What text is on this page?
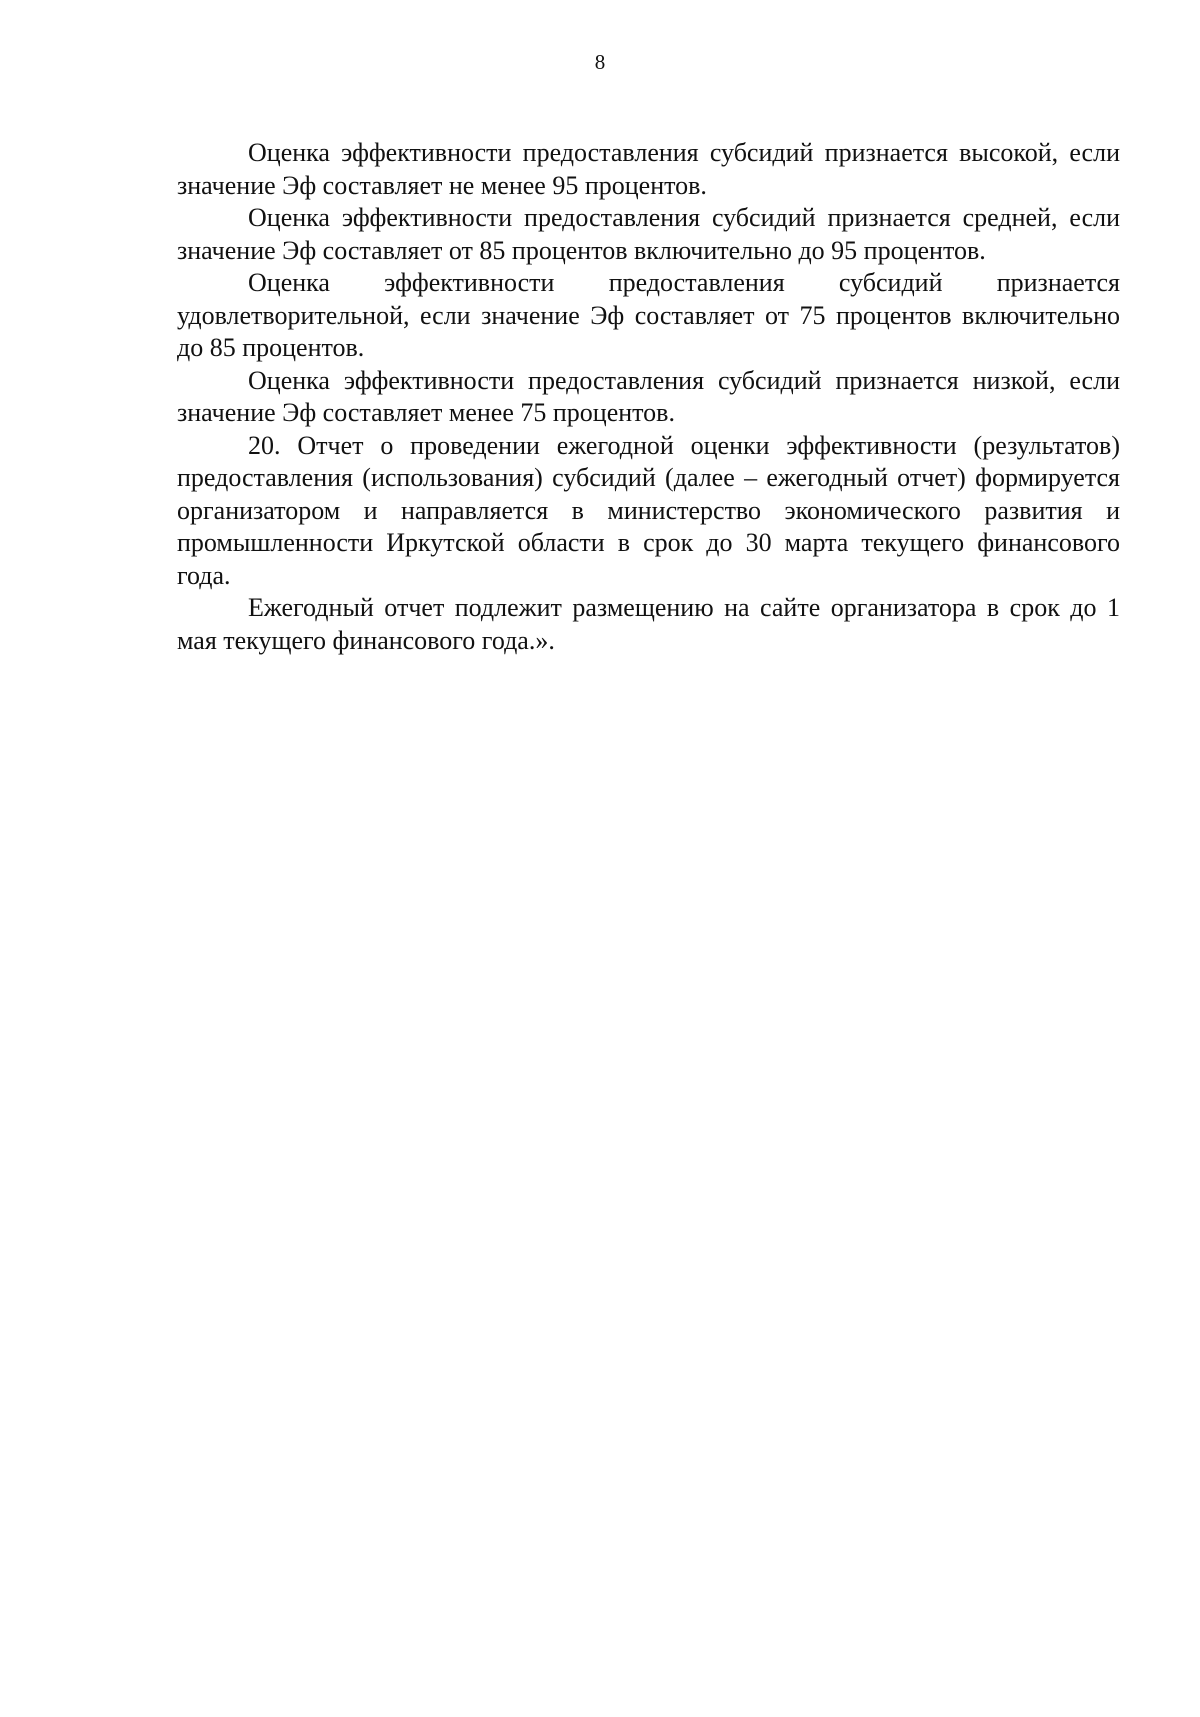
8

Оценка эффективности предоставления субсидий признается высокой, если значение Эф составляет не менее 95 процентов.

Оценка эффективности предоставления субсидий признается средней, если значение Эф составляет от 85 процентов включительно до 95 процентов.

Оценка эффективности предоставления субсидий признается удовлетворительной, если значение Эф составляет от 75 процентов включительно до 85 процентов.

Оценка эффективности предоставления субсидий признается низкой, если значение Эф составляет менее 75 процентов.

20. Отчет о проведении ежегодной оценки эффективности (результатов) предоставления (использования) субсидий (далее – ежегодный отчет) формируется организатором и направляется в министерство экономического развития и промышленности Иркутской области в срок до 30 марта текущего финансового года.

Ежегодный отчет подлежит размещению на сайте организатора в срок до 1 мая текущего финансового года.».
